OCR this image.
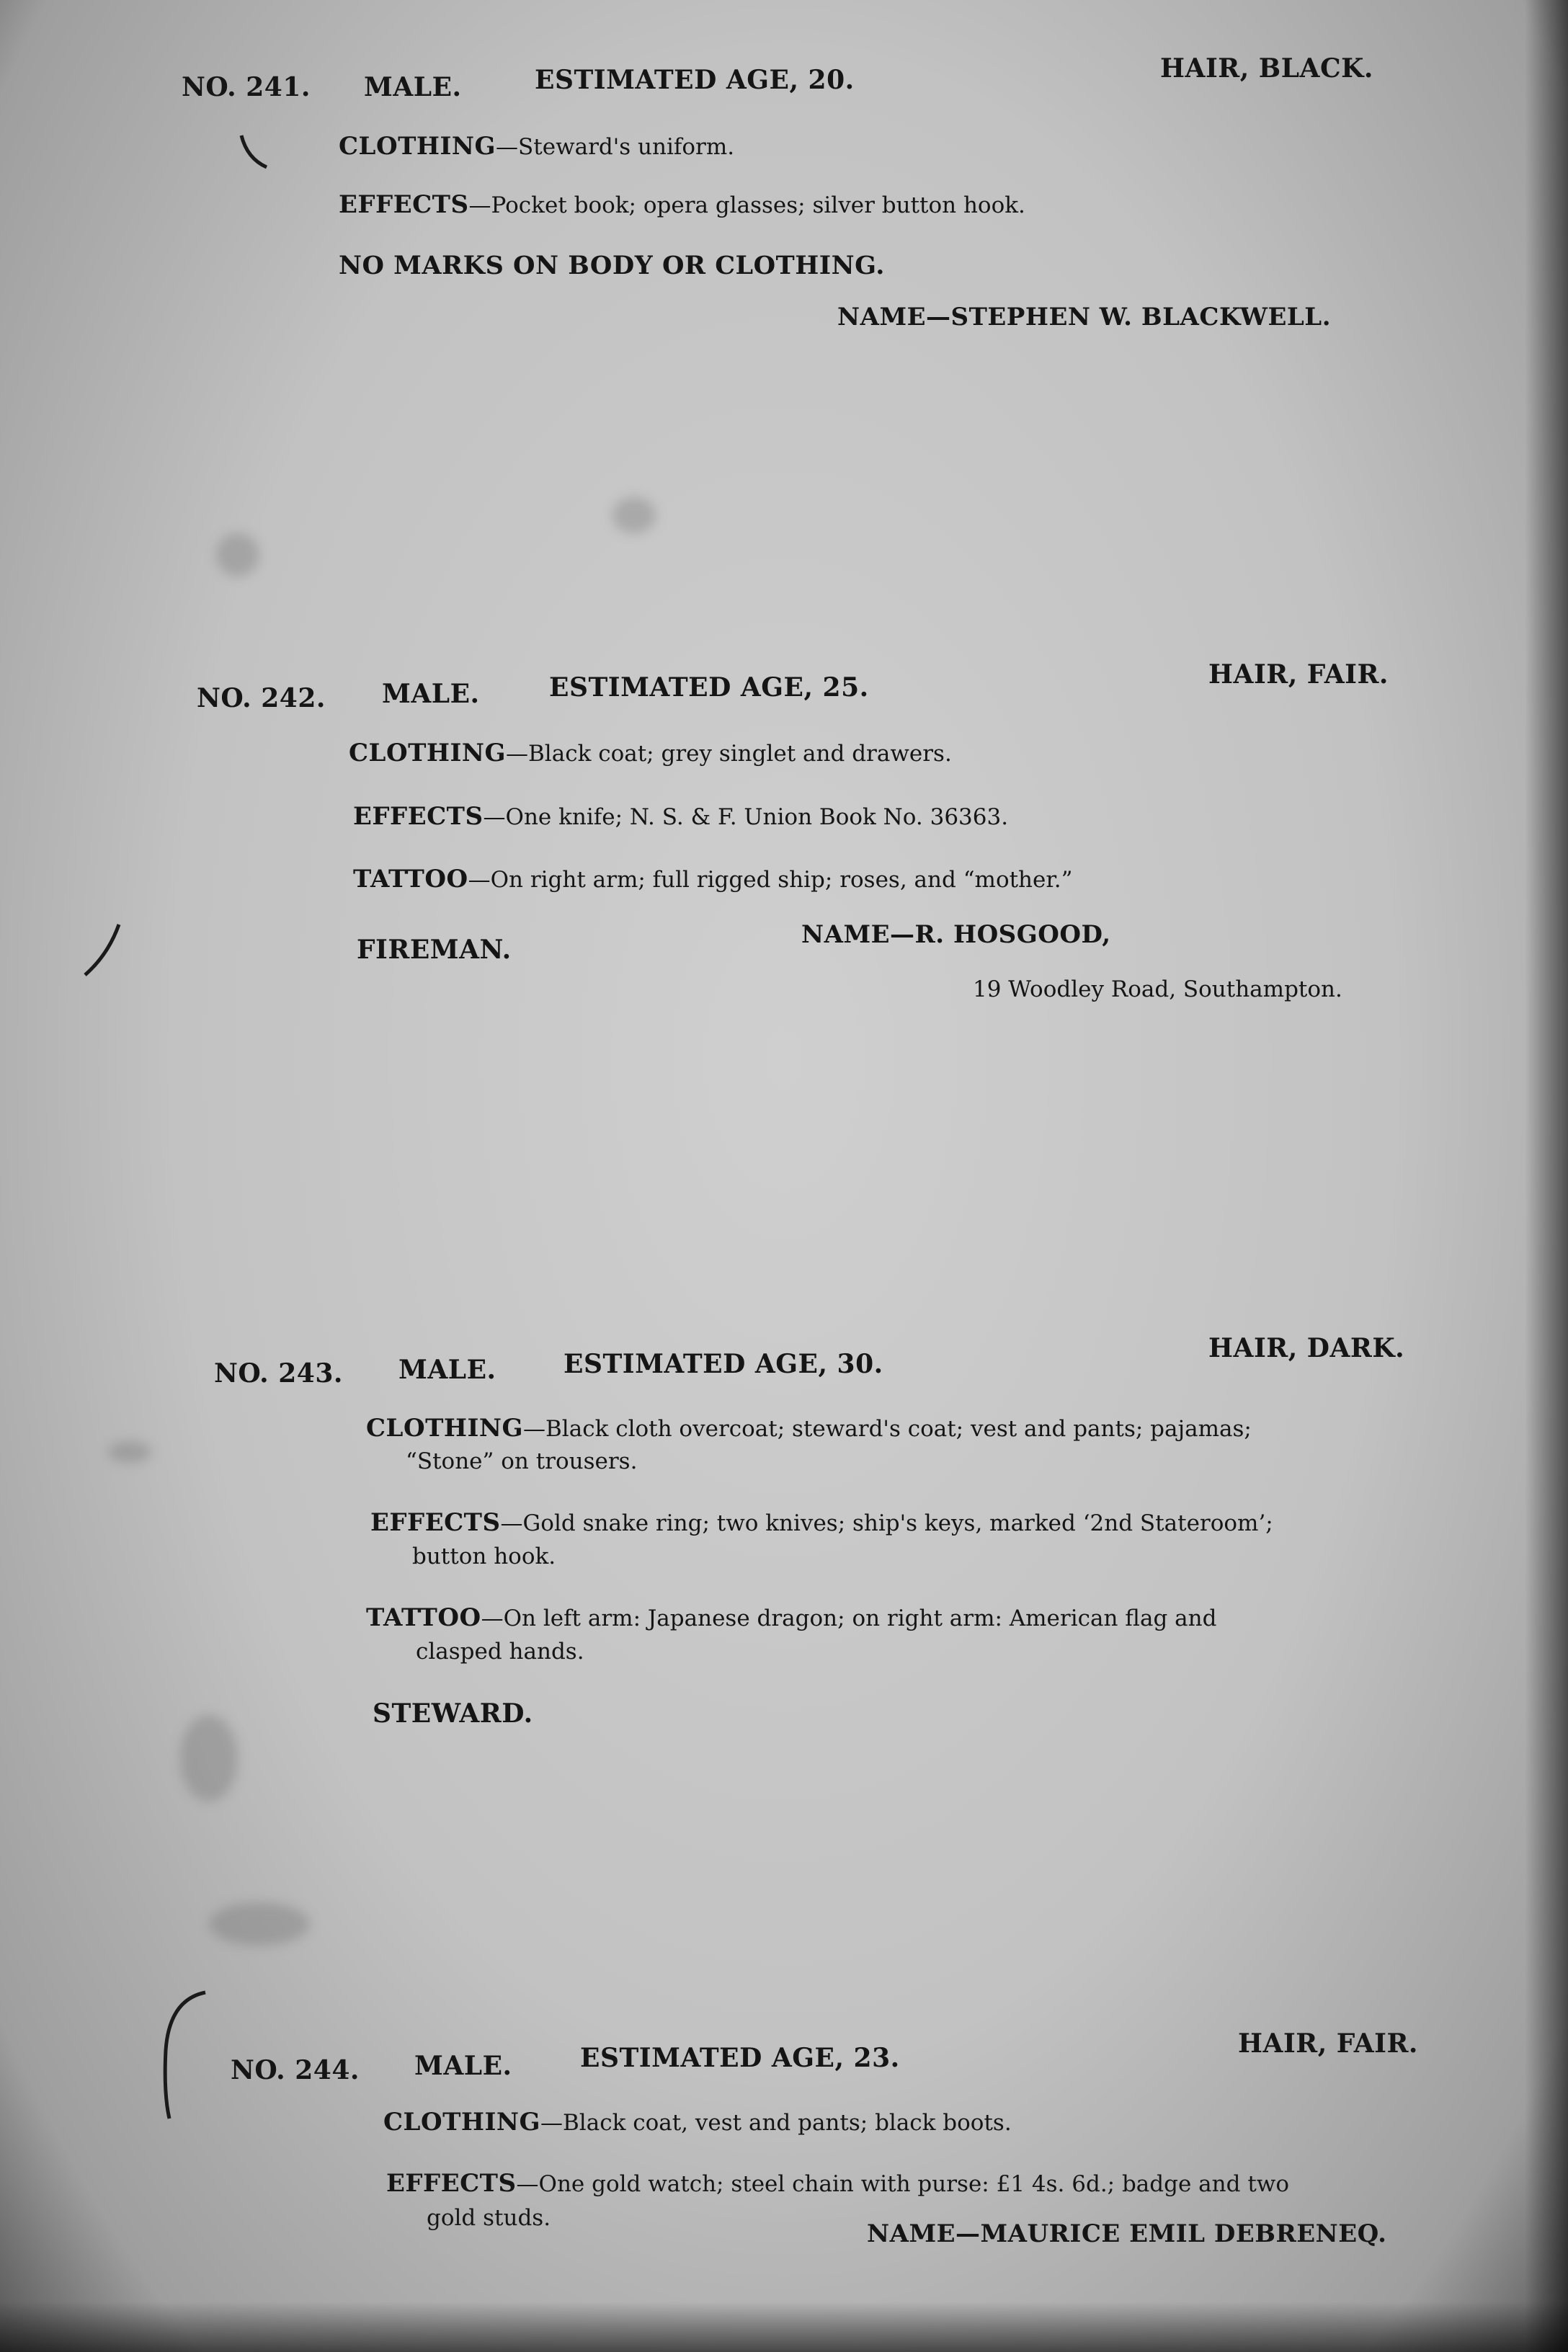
NO. 241. MALE.	ESTIMATED AGE, 20.	HAIR, BLACK.
CLOTHING—Steward's uniform.
EFFECTS—Pocket book; opera glasses; silver button hook.
NO MARKS ON BODY OR CLOTHING.
NAME—STEPHEN W. BLACKWELL.
NO. 242. MALE.	ESTIMATED AGE, 25.	HAIR, FAIR.
CLOTHING—Black coat; grey singlet and drawers.
EFFECTS—One knife; N. S. & F. Union Book No. 36363.
TATTOO—On right arm; full rigged ship; roses, and “mother.”
FIREMAN.	NAME—R. HOSGOOD,
19 Woodley Road, Southampton.
NO. 243. MALE.	ESTIMATED AGE, 30.
HAIR, DARK.
CLOTHING—Black cloth overcoat; steward's coat; vest and pants; pajamas;
“Stone” on trousers.
EFFECTS—Gold snake ring; two knives; ship's keys, marked ‘2nd Stateroom’;
button hook.
TATTOO—On left arm: Japanese dragon; on right arm: American flag and
clasped hands.
STEWARD.
NO. 244. MALE.	ESTIMATED AGE, 23.	HAIR, FAIR.
CLOTHING—Black coat, vest and pants; black boots.
EFFECTS—One gold watch; steel chain with purse: £1 4s. 6d.; badge and two
gold studs.
NAME—MAURICE EMIL DEBRENEQ.
